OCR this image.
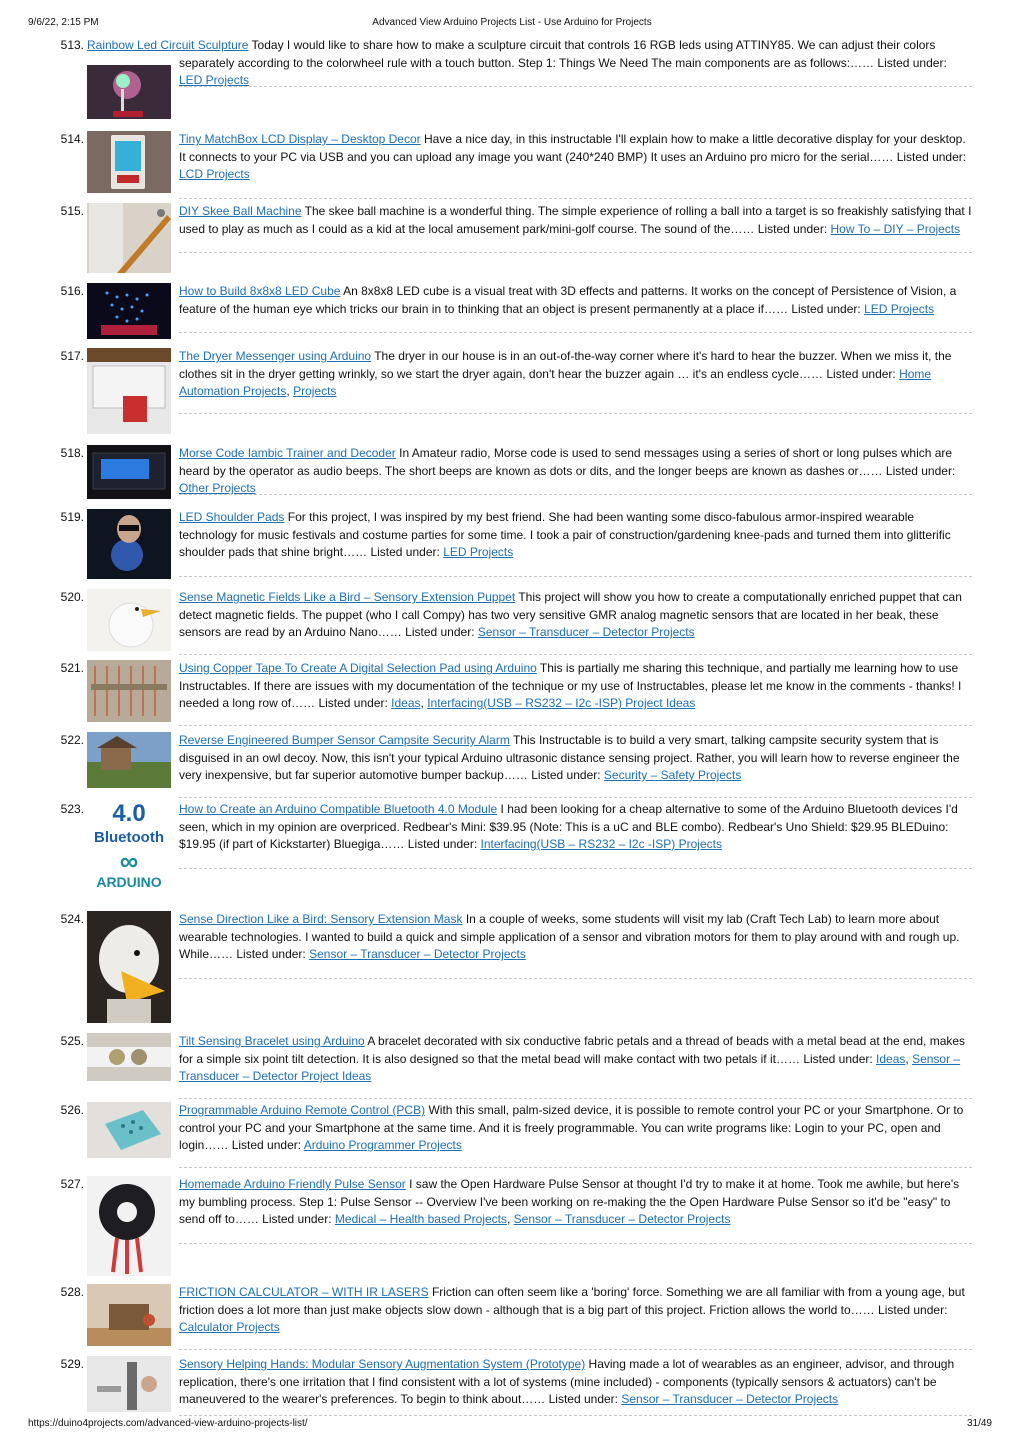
9/6/22, 2:15 PM	Advanced View Arduino Projects List - Use Arduino for Projects
513. Rainbow Led Circuit Sculpture Today I would like to share how to make a sculpture circuit that controls 16 RGB leds using ATTINY85. We can adjust their colors separately according to the colorwheel rule with a touch button. Step 1: Things We Need The main components are as follows:…… Listed under: LED Projects
514.	Tiny MatchBox LCD Display – Desktop Decor Have a nice day, in this instructable I'll explain how to make a little decorative display for your desktop. It connects to your PC via USB and you can upload any image you want (240*240 BMP) It uses an Arduino pro micro for the serial…… Listed under: LCD Projects
515.	DIY Skee Ball Machine The skee ball machine is a wonderful thing. The simple experience of rolling a ball into a target is so freakishly satisfying that I used to play as much as I could as a kid at the local amusement park/mini-golf course. The sound of the…… Listed under: How To – DIY – Projects
516.	How to Build 8x8x8 LED Cube An 8x8x8 LED cube is a visual treat with 3D effects and patterns. It works on the concept of Persistence of Vision, a feature of the human eye which tricks our brain in to thinking that an object is present permanently at a place if…… Listed under: LED Projects
517.	The Dryer Messenger using Arduino The dryer in our house is in an out-of-the-way corner where it's hard to hear the buzzer. When we miss it, the clothes sit in the dryer getting wrinkly, so we start the dryer again, don't hear the buzzer again … it's an endless cycle…… Listed under: Home Automation Projects, Projects
518.	Morse Code Iambic Trainer and Decoder In Amateur radio, Morse code is used to send messages using a series of short or long pulses which are heard by the operator as audio beeps. The short beeps are known as dots or dits, and the longer beeps are known as dashes or…… Listed under: Other Projects
519.	LED Shoulder Pads For this project, I was inspired by my best friend. She had been wanting some disco-fabulous armor-inspired wearable technology for music festivals and costume parties for some time. I took a pair of construction/gardening knee-pads and turned them into glitterific shoulder pads that shine bright…… Listed under: LED Projects
520.	Sense Magnetic Fields Like a Bird – Sensory Extension Puppet This project will show you how to create a computationally enriched puppet that can detect magnetic fields. The puppet (who I call Compy) has two very sensitive GMR analog magnetic sensors that are located in her beak, these sensors are read by an Arduino Nano…… Listed under: Sensor – Transducer – Detector Projects
521.	Using Copper Tape To Create A Digital Selection Pad using Arduino This is partially me sharing this technique, and partially me learning how to use Instructables. If there are issues with my documentation of the technique or my use of Instructables, please let me know in the comments - thanks! I needed a long row of…… Listed under: Ideas, Interfacing(USB – RS232 – I2c -ISP) Project Ideas
522.	Reverse Engineered Bumper Sensor Campsite Security Alarm This Instructable is to build a very smart, talking campsite security system that is disguised in an owl decoy. Now, this isn't your typical Arduino ultrasonic distance sensing project. Rather, you will learn how to reverse engineer the very inexpensive, but far superior automotive bumper backup…… Listed under: Security – Safety Projects
523.	4.0
Bluetooth
∞
ARDUINO
How to Create an Arduino Compatible Bluetooth 4.0 Module I had been looking for a cheap alternative to some of the Arduino Bluetooth devices I'd seen, which in my opinion are overpriced. Redbear's Mini: $39.95 (Note: This is a uC and BLE combo). Redbear's Uno Shield: $29.95 BLEDuino: $19.95 (if part of Kickstarter) Bluegiga…… Listed under: Interfacing(USB – RS232 – I2c -ISP) Projects
524.	Sense Direction Like a Bird: Sensory Extension Mask In a couple of weeks, some students will visit my lab (Craft Tech Lab) to learn more about wearable technologies. I wanted to build a quick and simple application of a sensor and vibration motors for them to play around with and rough up. While…… Listed under: Sensor – Transducer – Detector Projects
525.	Tilt Sensing Bracelet using Arduino A bracelet decorated with six conductive fabric petals and a thread of beads with a metal bead at the end, makes for a simple six point tilt detection. It is also designed so that the metal bead will make contact with two petals if it…… Listed under: Ideas, Sensor – Transducer – Detector Project Ideas
526.	Programmable Arduino Remote Control (PCB) With this small, palm-sized device, it is possible to remote control your PC or your Smartphone. Or to control your PC and your Smartphone at the same time. And it is freely programmable. You can write programs like: Login to your PC, open and login…… Listed under: Arduino Programmer Projects
527.	Homemade Arduino Friendly Pulse Sensor I saw the Open Hardware Pulse Sensor at thought I'd try to make it at home. Took me awhile, but here's my bumbling process. Step 1: Pulse Sensor -- Overview I've been working on re-making the the Open Hardware Pulse Sensor so it'd be "easy" to send off to…… Listed under: Medical – Health based Projects, Sensor – Transducer – Detector Projects
528.	FRICTION CALCULATOR – WITH IR LASERS Friction can often seem like a 'boring' force. Something we are all familiar with from a young age, but friction does a lot more than just make objects slow down - although that is a big part of this project. Friction allows the world to…… Listed under: Calculator Projects
529.	Sensory Helping Hands: Modular Sensory Augmentation System (Prototype) Having made a lot of wearables as an engineer, advisor, and through replication, there's one irritation that I find consistent with a lot of systems (mine included) - components (typically sensors & actuators) can't be maneuvered to the wearer's preferences. To begin to think about…… Listed under: Sensor – Transducer – Detector Projects
https://duino4projects.com/advanced-view-arduino-projects-list/	31/49
